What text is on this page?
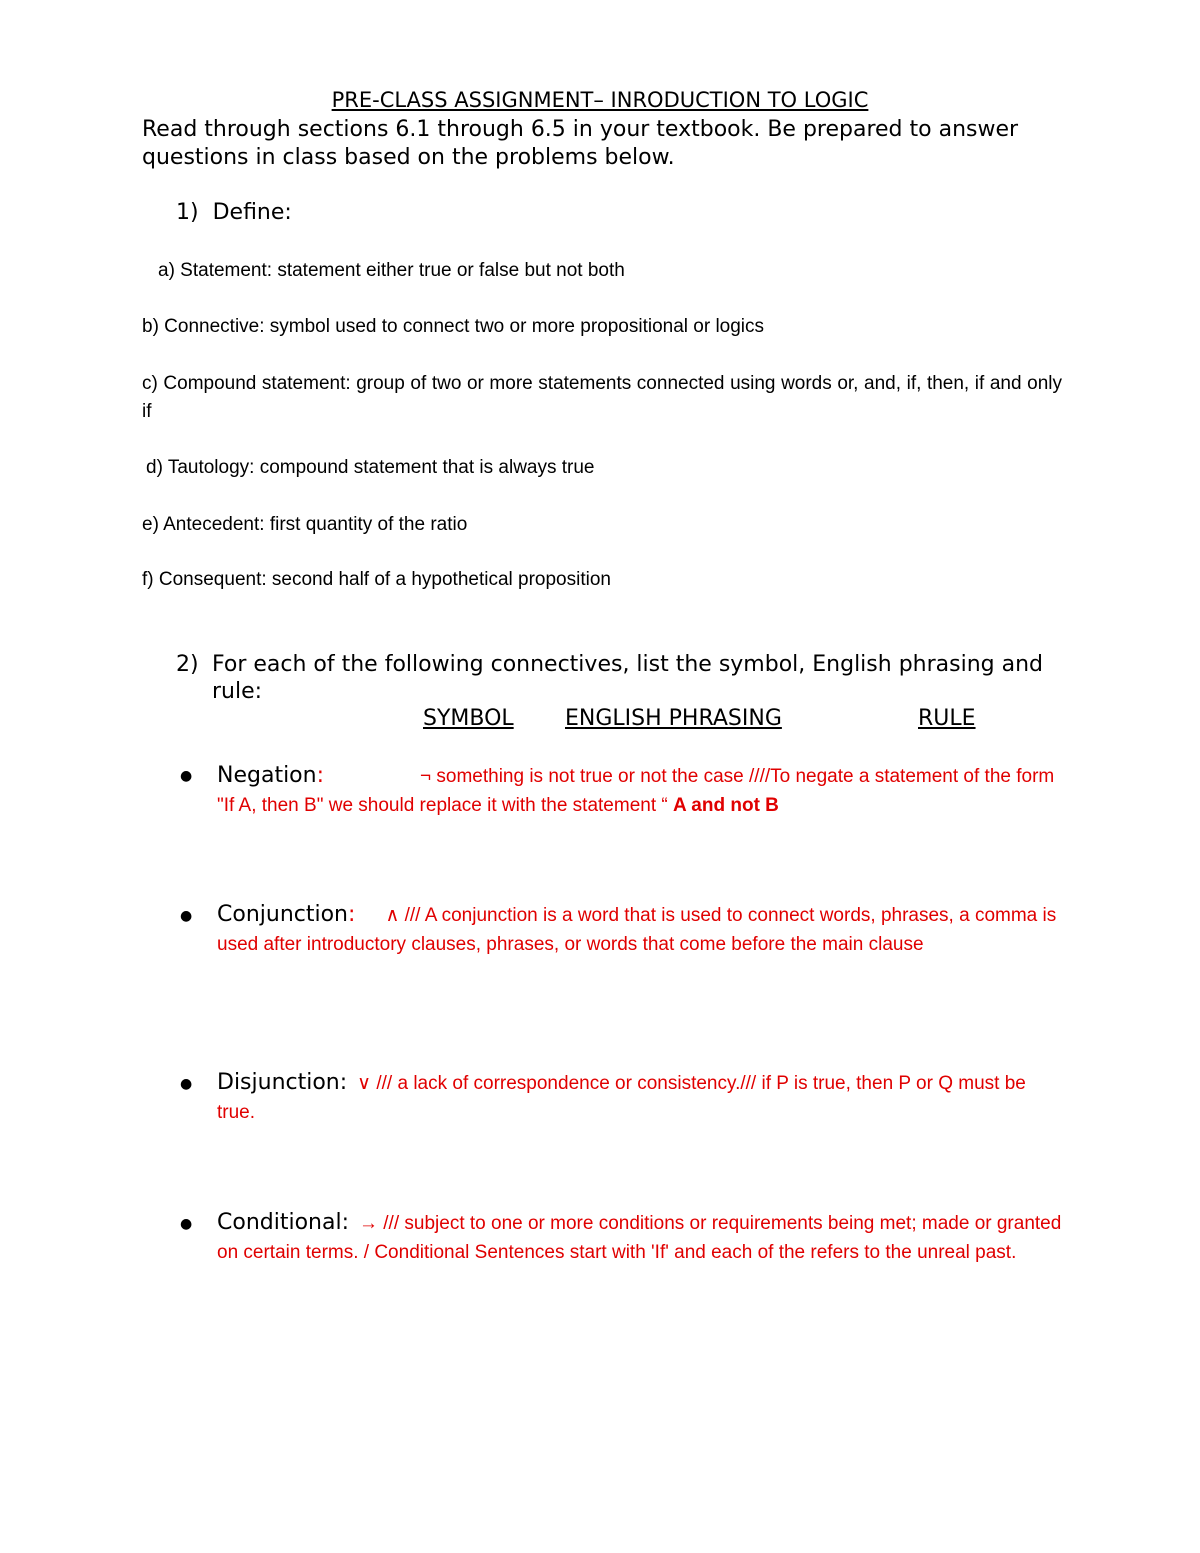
PRE-CLASS ASSIGNMENT– INRODUCTION TO LOGIC

Read through sections 6.1 through 6.5 in your textbook. Be prepared to answer questions in class based on the problems below.

1) Define:

a) Statement: statement either true or false but not both

b) Connective: symbol used to connect two or more propositional or logics

c) Compound statement: group of two or more statements connected using words or, and, if, then, if and only if

d) Tautology: compound statement that is always true

e) Antecedent: first quantity of the ratio

f) Consequent: second half of a hypothetical proposition

2) For each of the following connectives, list the symbol, English phrasing and rule:

SYMBOL ENGLISH PHRASING	RULE

● Negation:	¬ something is not true or not the case ////To negate a statement of the form "If A, then B" we should replace it with the statement “ A and not B
● Conjunction: ∧ /// A conjunction is a word that is used to connect words, phrases, a comma is used after introductory clauses, phrases, or words that come before the main clause
● Disjunction: ∨ /// a lack of correspondence or consistency./// if P is true, then P or Q must be true.
● Conditional: → /// subject to one or more conditions or requirements being met; made or granted on certain terms. / Conditional Sentences start with 'If' and each of the refers to the unreal past.
